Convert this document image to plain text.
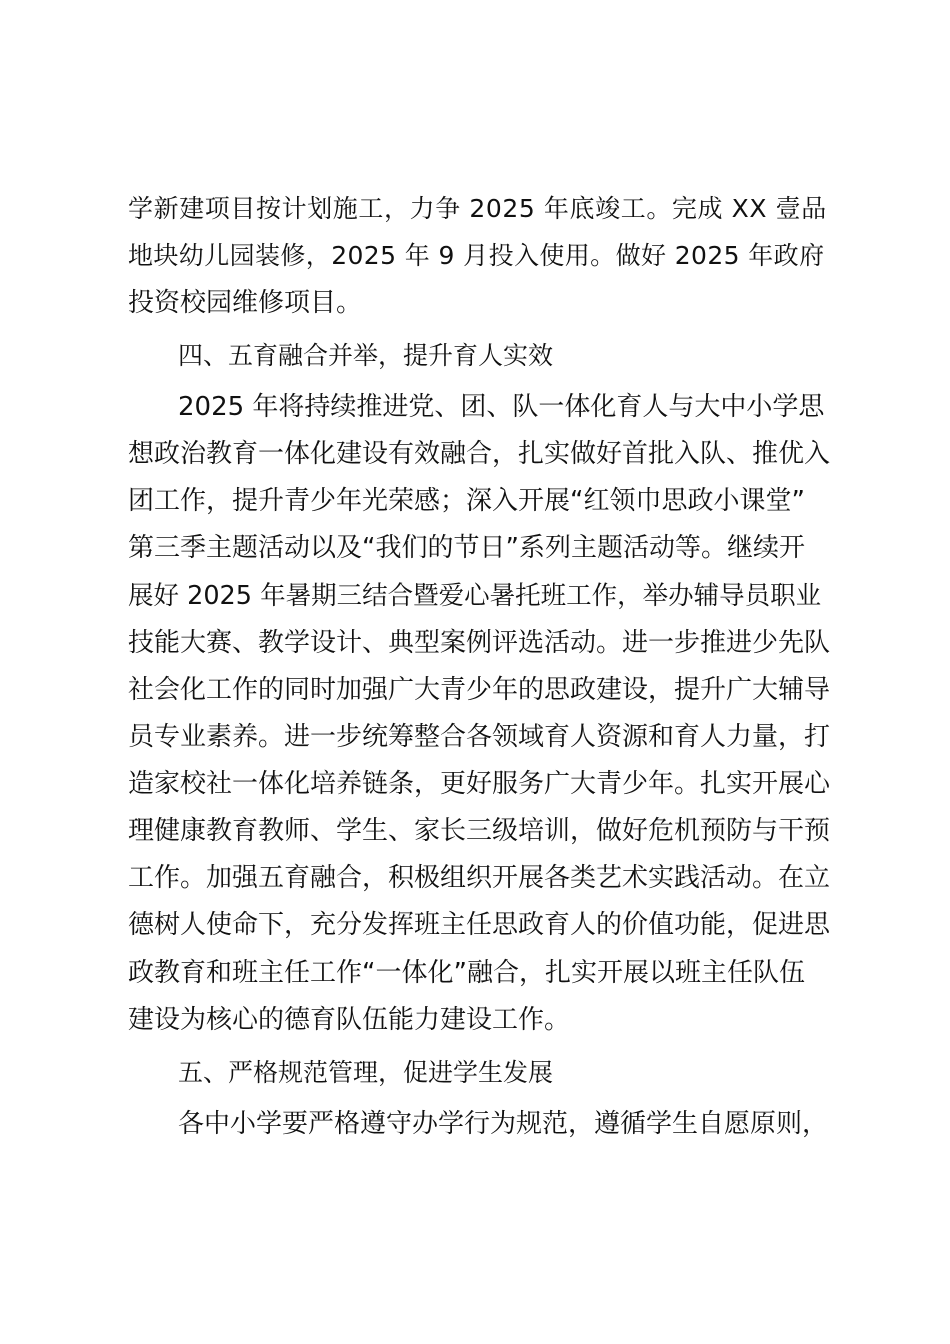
学新建项目按计划施工，力争 2025 年底竣工。完成 XX 壹品
地块幼儿园装修，2025 年 9 月投入使用。做好 2025 年政府
投资校园维修项目。
四、五育融合并举，提升育人实效
2025 年将持续推进党、团、队一体化育人与大中小学思
想政治教育一体化建设有效融合，扎实做好首批入队、推优入
团工作，提升青少年光荣感；深入开展“红领巾思政小课堂”
第三季主题活动以及“我们的节日”系列主题活动等。继续开
展好 2025 年暑期三结合暨爱心暑托班工作，举办辅导员职业
技能大赛、教学设计、典型案例评选活动。进一步推进少先队
社会化工作的同时加强广大青少年的思政建设，提升广大辅导
员专业素养。进一步统筹整合各领域育人资源和育人力量，打
造家校社一体化培养链条，更好服务广大青少年。扎实开展心
理健康教育教师、学生、家长三级培训，做好危机预防与干预
工作。加强五育融合，积极组织开展各类艺术实践活动。在立
德树人使命下，充分发挥班主任思政育人的价值功能，促进思
政教育和班主任工作“一体化”融合，扎实开展以班主任队伍
建设为核心的德育队伍能力建设工作。
五、严格规范管理，促进学生发展
各中小学要严格遵守办学行为规范，遵循学生自愿原则，
